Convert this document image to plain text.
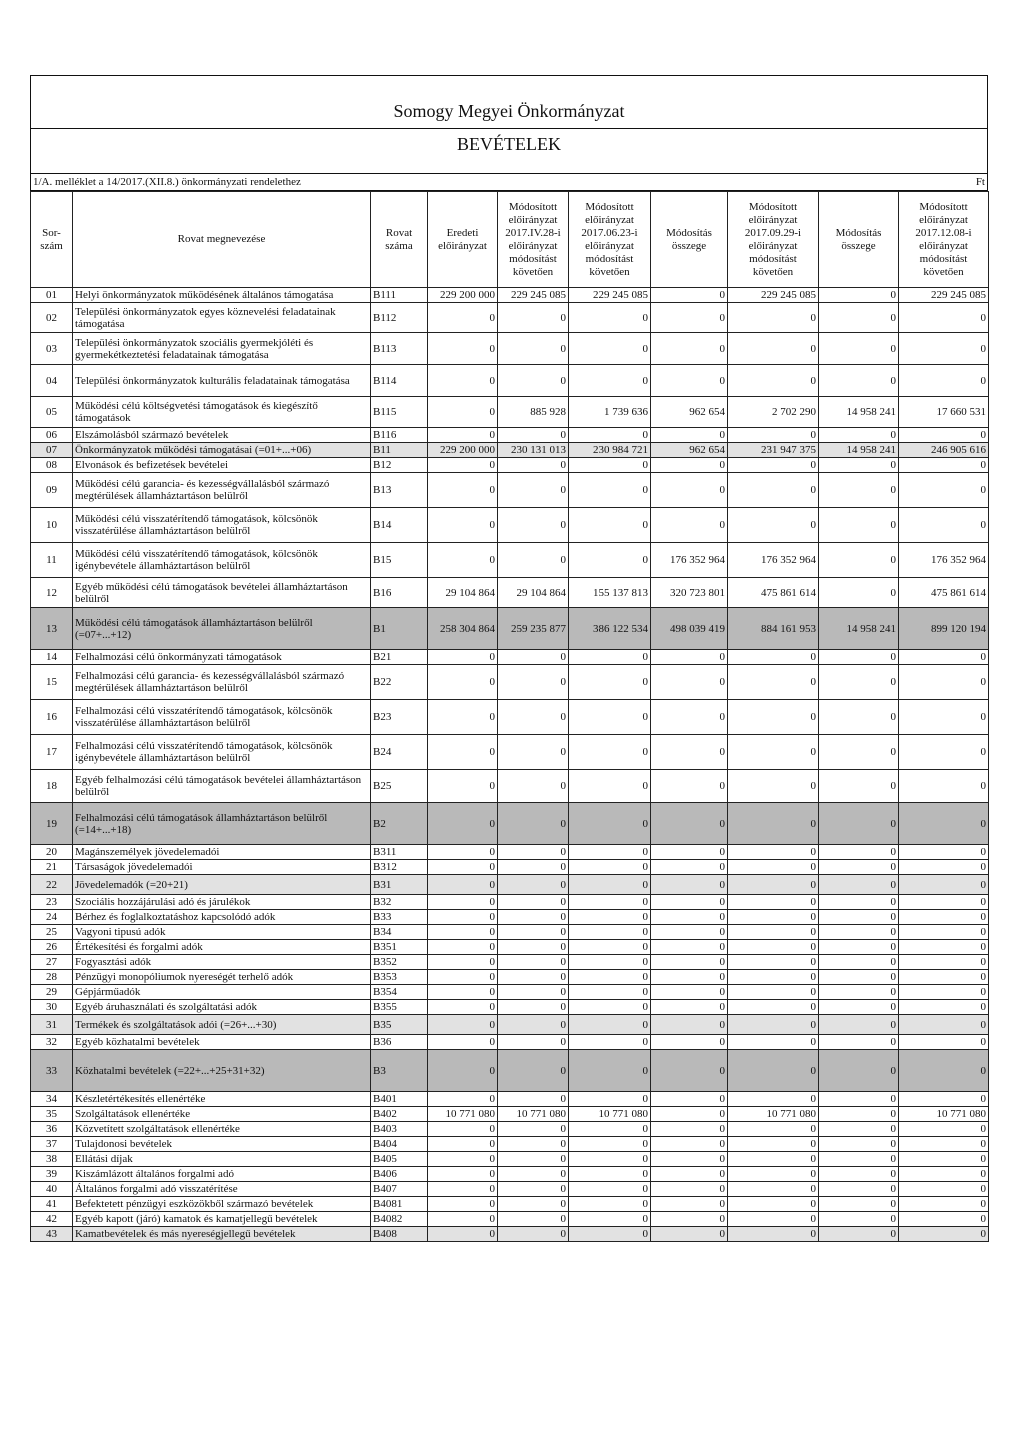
Somogy Megyei Önkormányzat
BEVÉTELEK
1/A. melléklet a 14/2017.(XII.8.) önkormányzati rendelethez	Ft
Sor-szám	Rovat megnevezése	Rovat száma	Eredeti előirányzat	Módosított előirányzat 2017.IV.28-i előirányzat módosítást követően	Módosított előirányzat 2017.06.23-i előirányzat módosítást követően	Módosítás összege	Módosított előirányzat 2017.09.29-i előirányzat módosítást követően	Módosítás összege	Módosított előirányzat 2017.12.08-i előirányzat módosítást követően
01	Helyi önkormányzatok működésének általános támogatása	B111	229 200 000	229 245 085	229 245 085	0	229 245 085	0	229 245 085
02	Települési önkormányzatok egyes köznevelési feladatainak támogatása	B112	0	0	0	0	0	0	0
03	Települési önkormányzatok szociális gyermekjóléti és gyermekétkeztetési feladatainak támogatása	B113	0	0	0	0	0	0	0
04	Települési önkormányzatok kulturális feladatainak támogatása	B114	0	0	0	0	0	0	0
05	Működési célú költségvetési támogatások és kiegészítő támogatások	B115	0	885 928	1 739 636	962 654	2 702 290	14 958 241	17 660 531
06	Elszámolásból származó bevételek	B116	0	0	0	0	0	0	0
07	Önkormányzatok működési támogatásai (=01+...+06)	B11	229 200 000	230 131 013	230 984 721	962 654	231 947 375	14 958 241	246 905 616
08	Elvonások és befizetések bevételei	B12	0	0	0	0	0	0	0
09	Működési célú garancia- és kezességvállalásból származó megtérülések államháztartáson belülről	B13	0	0	0	0	0	0	0
10	Működési célú visszatérítendő támogatások, kölcsönök visszatérülése államháztartáson belülről	B14	0	0	0	0	0	0	0
11	Működési célú visszatérítendő támogatások, kölcsönök igénybevétele államháztartáson belülről	B15	0	0	0	176 352 964	176 352 964	0	176 352 964
12	Egyéb működési célú támogatások bevételei államháztartáson belülről	B16	29 104 864	29 104 864	155 137 813	320 723 801	475 861 614	0	475 861 614
13	Működési célú támogatások államháztartáson belülről (=07+...+12)	B1	258 304 864	259 235 877	386 122 534	498 039 419	884 161 953	14 958 241	899 120 194
14	Felhalmozási célú önkormányzati támogatások	B21	0	0	0	0	0	0	0
15	Felhalmozási célú garancia- és kezességvállalásból származó megtérülések államháztartáson belülről	B22	0	0	0	0	0	0	0
16	Felhalmozási célú visszatérítendő támogatások, kölcsönök visszatérülése államháztartáson belülről	B23	0	0	0	0	0	0	0
17	Felhalmozási célú visszatérítendő támogatások, kölcsönök igénybevétele államháztartáson belülről	B24	0	0	0	0	0	0	0
18	Egyéb felhalmozási célú támogatások bevételei államháztartáson belülről	B25	0	0	0	0	0	0	0
19	Felhalmozási célú támogatások államháztartáson belülről (=14+...+18)	B2	0	0	0	0	0	0	0
20	Magánszemélyek jövedelemadói	B311	0	0	0	0	0	0	0
21	Társaságok jövedelemadói	B312	0	0	0	0	0	0	0
22	Jövedelemadók (=20+21)	B31	0	0	0	0	0	0	0
23	Szociális hozzájárulási adó és járulékok	B32	0	0	0	0	0	0	0
24	Bérhez és foglalkoztatáshoz kapcsolódó adók	B33	0	0	0	0	0	0	0
25	Vagyoni tipusú adók	B34	0	0	0	0	0	0	0
26	Értékesítési és forgalmi adók	B351	0	0	0	0	0	0	0
27	Fogyasztási adók	B352	0	0	0	0	0	0	0
28	Pénzügyi monopóliumok nyereségét terhelő adók	B353	0	0	0	0	0	0	0
29	Gépjárműadók	B354	0	0	0	0	0	0	0
30	Egyéb áruhasználati és szolgáltatási adók	B355	0	0	0	0	0	0	0
31	Termékek és szolgáltatások adói (=26+...+30)	B35	0	0	0	0	0	0	0
32	Egyéb közhatalmi bevételek	B36	0	0	0	0	0	0	0
33	Közhatalmi bevételek (=22+...+25+31+32)	B3	0	0	0	0	0	0	0
34	Készletértékesítés ellenértéke	B401	0	0	0	0	0	0	0
35	Szolgáltatások ellenértéke	B402	10 771 080	10 771 080	10 771 080	0	10 771 080	0	10 771 080
36	Közvetített szolgáltatások ellenértéke	B403	0	0	0	0	0	0	0
37	Tulajdonosi bevételek	B404	0	0	0	0	0	0	0
38	Ellátási díjak	B405	0	0	0	0	0	0	0
39	Kiszámlázott általános forgalmi adó	B406	0	0	0	0	0	0	0
40	Általános forgalmi adó visszatérítése	B407	0	0	0	0	0	0	0
41	Befektetett pénzügyi eszközökből származó bevételek	B4081	0	0	0	0	0	0	0
42	Egyéb kapott (járó) kamatok és kamatjellegű bevételek	B4082	0	0	0	0	0	0	0
43	Kamatbevételek és más nyereségjellegű bevételek	B408	0	0	0	0	0	0	0
